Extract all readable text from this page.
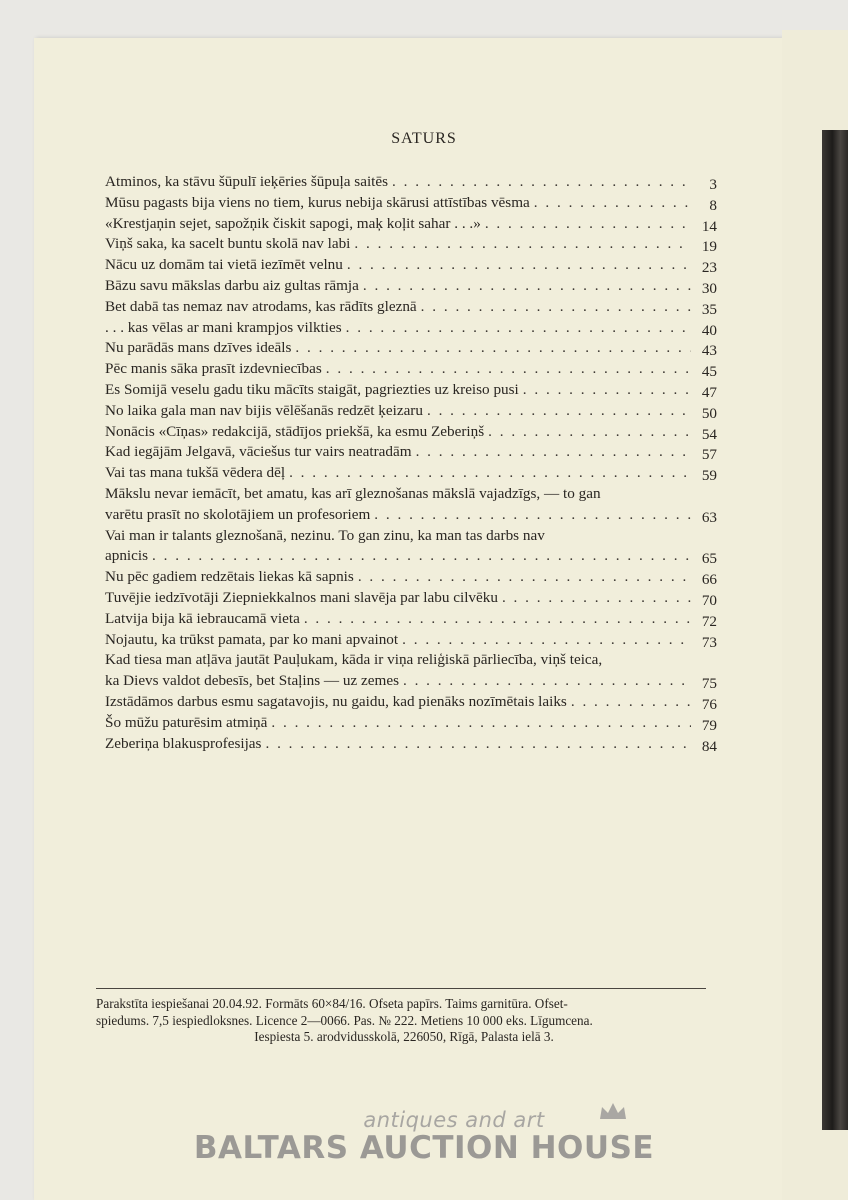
SATURS
Atminos, ka stāvu šūpulī ieķēries šūpuļa saitēs . . .	3
Mūsu pagasts bija viens no tiem, kurus nebija skārusi attīstības vēsma . . .	8
«Krestjaņin sejet, sapožņik čiskit sapogi, maķ koļit sahar . . .» . . .	14
Viņš saka, ka sacelt buntu skolā nav labi . . .	19
Nācu uz domām tai vietā iezīmēt velnu . . .	23
Bāzu savu mākslas darbu aiz gultas rāmja . . .	30
Bet dabā tas nemaz nav atrodams, kas rādīts gleznā . . .	35
. . . kas vēlas ar mani krampjos vilkties . . .	40
Nu parādās mans dzīves ideāls . . .	43
Pēc manis sāka prasīt izdevniecības . . .	45
Es Somijā veselu gadu tiku mācīts staigāt, pagriezties uz kreiso pusi . . .	47
No laika gala man nav bijis vēlēšanās redzēt ķeizaru . . .	50
Nonācis «Cīņas» redakcijā, stādījos priekšā, ka esmu Zeberiņš . . .	54
Kad iegājām Jelgavā, vāciešus tur vairs neatradām . . .	57
Vai tas mana tukšā vēdera dēļ . . .	59
Mākslu nevar iemācīt, bet amatu, kas arī gleznošanas mākslā vajadzīgs, — to gan
varētu prasīt no skolotājiem un profesoriem . . .	63
Vai man ir talants gleznošanā, nezinu. To gan zinu, ka man tas darbs nav
apnicis . . .	65
Nu pēc gadiem redzētais liekas kā sapnis . . .	66
Tuvējie iedzīvotāji Ziepniekkalnos mani slavēja par labu cilvēku . . .	70
Latvija bija kā iebraucamā vieta . . .	72
Nojautu, ka trūkst pamata, par ko mani apvainot . . .	73
Kad tiesa man atļāva jautāt Pauļukam, kāda ir viņa reliģiskā pārliecība, viņš teica,
ka Dievs valdot debesīs, bet Staļins — uz zemes . . .	75
Izstādāmos darbus esmu sagatavojis, nu gaidu, kad pienāks nozīmētais laiks . . .	76
Šo mūžu paturēsim atmiņā . . .	79
Zeberiņa blakusprofesijas . . .	84
Parakstīta iespiešanai 20.04.92. Formāts 60×84/16. Ofseta papīrs. Taims garnitūra. Ofset-
spiedums. 7,5 iespiedloksnes. Licence 2—0066. Pas. № 222. Metiens 10 000 eks. Līgumcena.
Iespiesta 5. arodvidusskolā, 226050, Rīgā, Palasta ielā 3.
antiques and art
BALTARS AUCTION HOUSE
